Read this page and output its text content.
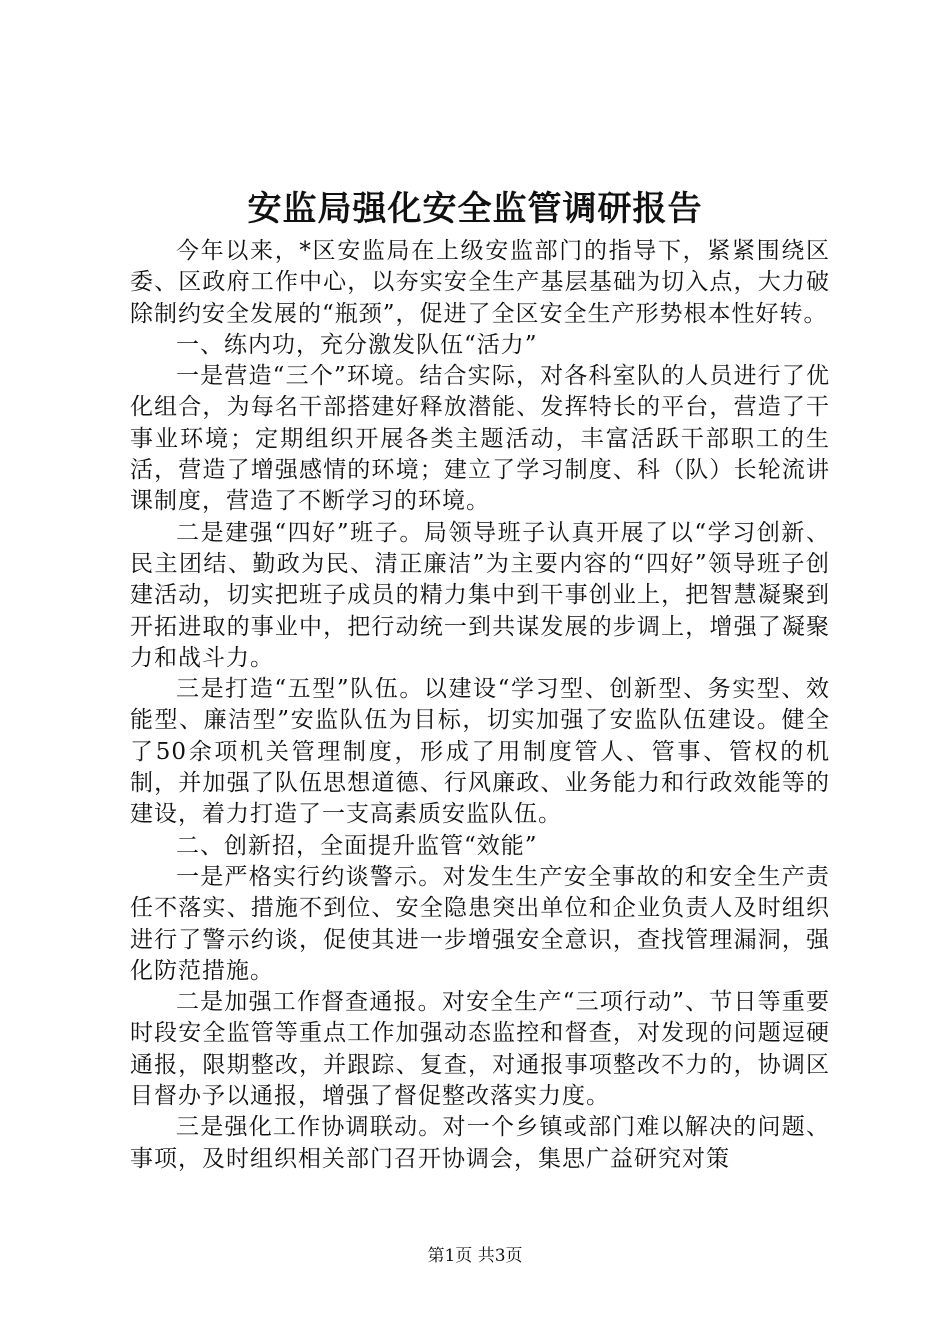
安监局强化安全监管调研报告

今年以来，*区安监局在上级安监部门的指导下，紧紧围绕区委、区政府工作中心，以夯实安全生产基层基础为切入点，大力破除制约安全发展的“瓶颈”，促进了全区安全生产形势根本性好转。

一、练内功，充分激发队伍“活力”

一是营造“三个”环境。结合实际，对各科室队的人员进行了优化组合，为每名干部搭建好释放潜能、发挥特长的平台，营造了干事业环境；定期组织开展各类主题活动，丰富活跃干部职工的生活，营造了增强感情的环境；建立了学习制度、科（队）长轮流讲课制度，营造了不断学习的环境。

二是建强“四好”班子。局领导班子认真开展了以“学习创新、民主团结、勤政为民、清正廉洁”为主要内容的“四好”领导班子创建活动，切实把班子成员的精力集中到干事创业上，把智慧凝聚到开拓进取的事业中，把行动统一到共谋发展的步调上，增强了凝聚力和战斗力。

三是打造“五型”队伍。以建设“学习型、创新型、务实型、效能型、廉洁型”安监队伍为目标，切实加强了安监队伍建设。健全了50余项机关管理制度，形成了用制度管人、管事、管权的机制，并加强了队伍思想道德、行风廉政、业务能力和行政效能等的建设，着力打造了一支高素质安监队伍。

二、创新招，全面提升监管“效能”

一是严格实行约谈警示。对发生生产安全事故的和安全生产责任不落实、措施不到位、安全隐患突出单位和企业负责人及时组织进行了警示约谈，促使其进一步增强安全意识，查找管理漏洞，强化防范措施。

二是加强工作督查通报。对安全生产“三项行动”、节日等重要时段安全监管等重点工作加强动态监控和督查，对发现的问题逗硬通报，限期整改，并跟踪、复查，对通报事项整改不力的，协调区目督办予以通报，增强了督促整改落实力度。

三是强化工作协调联动。对一个乡镇或部门难以解决的问题、事项，及时组织相关部门召开协调会，集思广益研究对策

第1页 共3页
